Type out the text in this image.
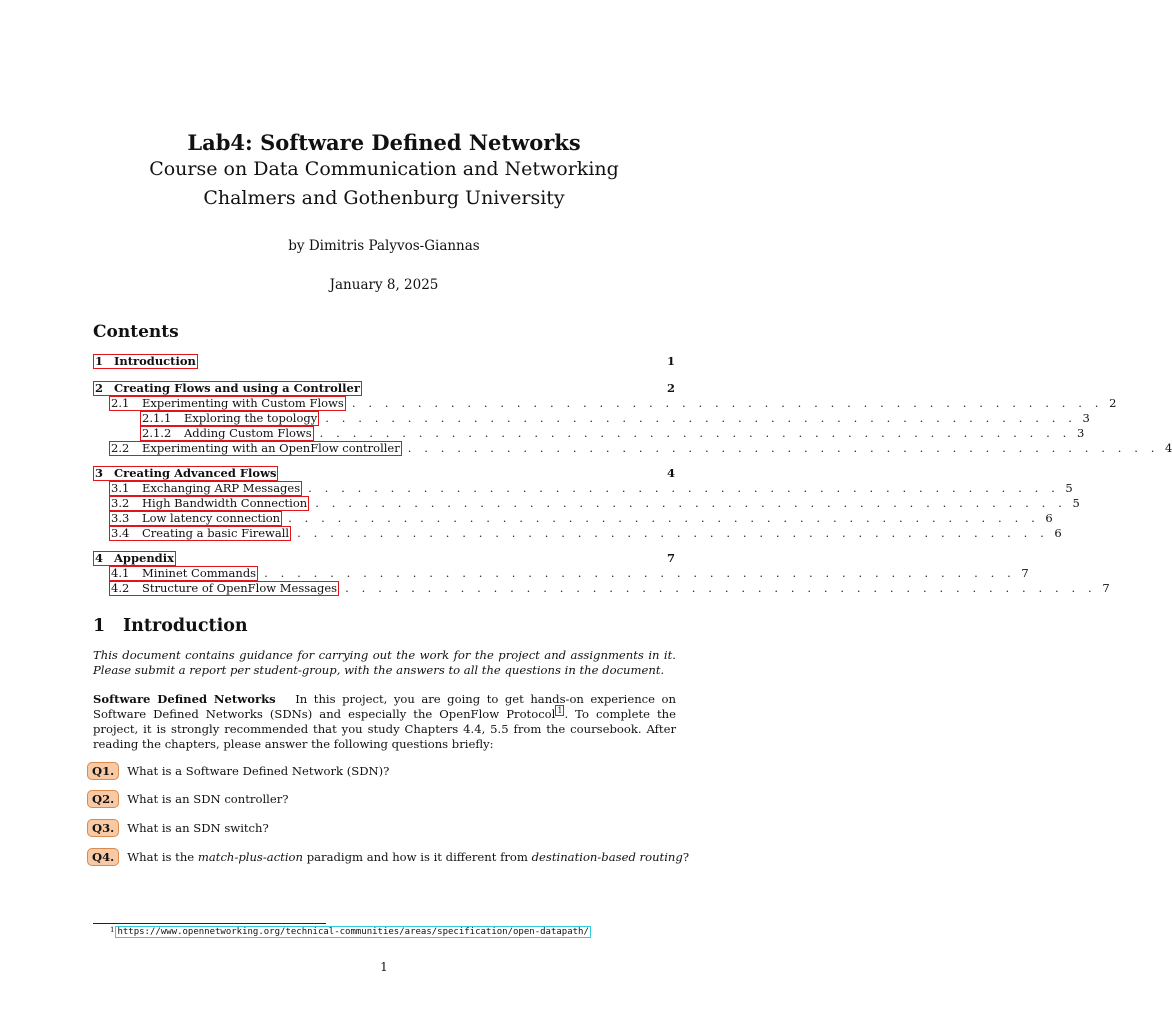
Lab4: Software Defined Networks
Course on Data Communication and Networking
Chalmers and Gothenburg University
by Dimitris Palyvos-Giannas
January 8, 2025
Contents
1 Introduction	1
2 Creating Flows and using a Controller	2
2.1 Experimenting with Custom Flows . . . . . . . . . . . . . . . . . . . . . . . . . . . . . . . . . . . . . . . . . . . . . . 2
2.1.1 Exploring the topology . . . . . . . . . . . . . . . . . . . . . . . . . . . . . . . . . . . . . . . . . . . . . . 3
2.1.2 Adding Custom Flows . . . . . . . . . . . . . . . . . . . . . . . . . . . . . . . . . . . . . . . . . . . . . . 3
2.2 Experimenting with an OpenFlow controller . . . . . . . . . . . . . . . . . . . . . . . . . . . . . . . . . . . . . . . . . . . . . . 4
3 Creating Advanced Flows	4
3.1 Exchanging ARP Messages . . . . . . . . . . . . . . . . . . . . . . . . . . . . . . . . . . . . . . . . . . . . . . 5
3.2 High Bandwidth Connection . . . . . . . . . . . . . . . . . . . . . . . . . . . . . . . . . . . . . . . . . . . . . . 5
3.3 Low latency connection . . . . . . . . . . . . . . . . . . . . . . . . . . . . . . . . . . . . . . . . . . . . . . 6
3.4 Creating a basic Firewall . . . . . . . . . . . . . . . . . . . . . . . . . . . . . . . . . . . . . . . . . . . . . . 6
4 Appendix	7
4.1 Mininet Commands . . . . . . . . . . . . . . . . . . . . . . . . . . . . . . . . . . . . . . . . . . . . . . 7
4.2 Structure of OpenFlow Messages . . . . . . . . . . . . . . . . . . . . . . . . . . . . . . . . . . . . . . . . . . . . . . 7
1 Introduction
This document contains guidance for carrying out the work for the project and assignments in it. Please submit a report per student-group, with the answers to all the questions in the document.
Software Defined Networks In this project, you are going to get hands-on experience on Software Defined Networks (SDNs) and especially the OpenFlow Protocol $^1$ . To complete the project, it is strongly recommended that you study Chapters 4.4, 5.5 from the coursebook. After reading the chapters, please answer the following questions briefly:
Q1.	What is a Software Defined Network (SDN)?
Q2.	What is an SDN controller?
Q3.	What is an SDN switch?
Q4.	What is the match-plus-action paradigm and how is it different from destination-based routing?
1 https://www.opennetworking.org/technical-communities/areas/specification/open-datapath/
1
